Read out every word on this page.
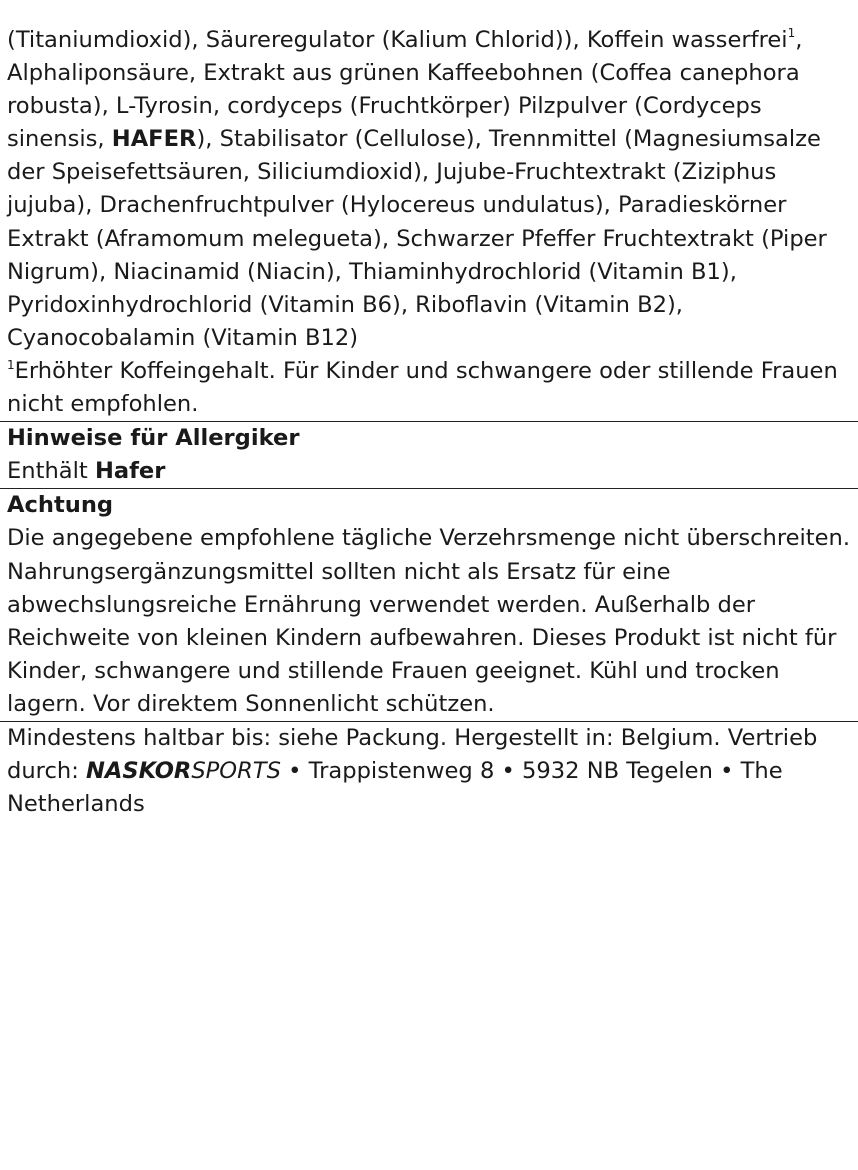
(Titaniumdioxid), Säureregulator (Kalium Chlorid)), Koffein wasserfrei$^1$, Alphaliponsäure, Extrakt aus grünen Kaffeebohnen (Coffea canephora robusta), L-Tyrosin, cordyceps (Fruchtkörper) Pilzpulver (Cordyceps sinensis, HAFER), Stabilisator (Cellulose), Trennmittel (Magnesiumsalze der Speisefettsäuren, Siliciumdioxid), Jujube-Fruchtextrakt (Ziziphus jujuba), Drachenfruchtpulver (Hylocereus undulatus), Paradieskörner Extrakt (Aframomum melegueta), Schwarzer Pfeffer Fruchtextrakt (Piper Nigrum), Niacinamid (Niacin), Thiaminhydrochlorid (Vitamin B1), Pyridoxinhydrochlorid (Vitamin B6), Riboflavin (Vitamin B2), Cyanocobalamin (Vitamin B12)

$^1$Erhöhter Koffeingehalt. Für Kinder und schwangere oder stillende Frauen nicht empfohlen.

Hinweise für Allergiker

Enthält Hafer

Achtung

Die angegebene empfohlene tägliche Verzehrsmenge nicht überschreiten. Nahrungsergänzungsmittel sollten nicht als Ersatz für eine abwechslungsreiche Ernährung verwendet werden. Außerhalb der Reichweite von kleinen Kindern aufbewahren. Dieses Produkt ist nicht für Kinder, schwangere und stillende Frauen geeignet. Kühl und trocken lagern. Vor direktem Sonnenlicht schützen.

Mindestens haltbar bis: siehe Packung. Hergestellt in: Belgium. Vertrieb durch: NASKORSPORTS • Trappistenweg 8 • 5932 NB Tegelen • The Netherlands
